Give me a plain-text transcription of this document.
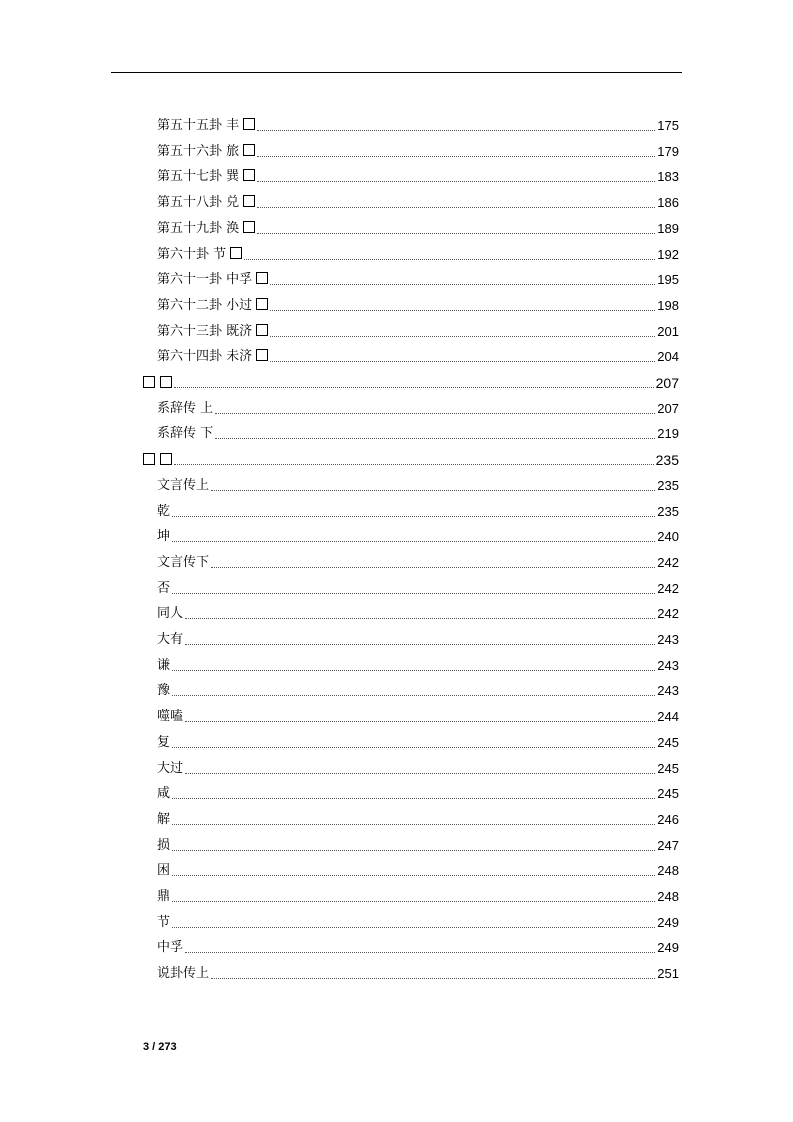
第五十五卦 丰	175
第五十六卦 旅	179
第五十七卦 巽	183
第五十八卦 兑	186
第五十九卦 涣	189
第六十卦 节	192
第六十一卦 中孚	195
第六十二卦 小过	198
第六十三卦 既济	201
第六十四卦 未济	204
207
系辞传 上	207
系辞传 下	219
235
文言传上	235
乾	235
坤	240
文言传下	242
否	242
同人	242
大有	243
谦	243
豫	243
噬嗑	244
复	245
大过	245
咸	245
解	246
损	247
困	248
鼎	248
节	249
中孚	249
说卦传上	251
3 / 273
